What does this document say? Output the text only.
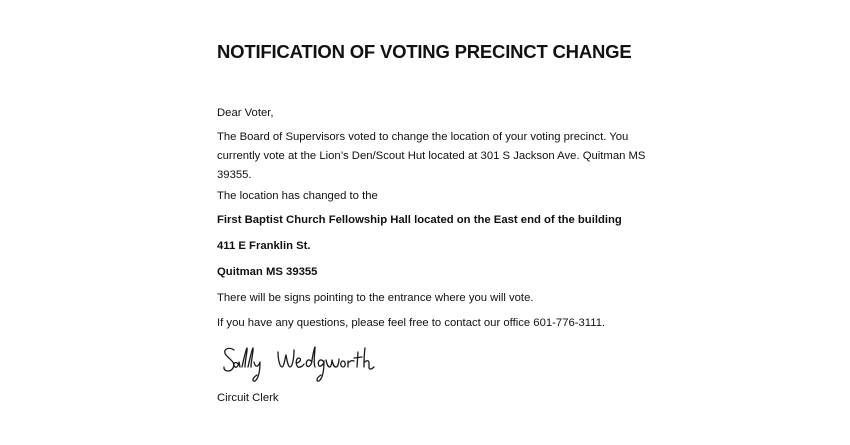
NOTIFICATION OF VOTING PRECINCT CHANGE

Dear Voter,

The Board of Supervisors voted to change the location of your voting precinct. You currently vote at the Lion’s Den/Scout Hut located at 301 S Jackson Ave. Quitman MS 39355.

The location has changed to the

First Baptist Church Fellowship Hall located on the East end of the building

411 E Franklin St.

Quitman MS 39355

There will be signs pointing to the entrance where you will vote.

If you have any questions, please feel free to contact our office 601-776-3111.

Circuit Clerk
